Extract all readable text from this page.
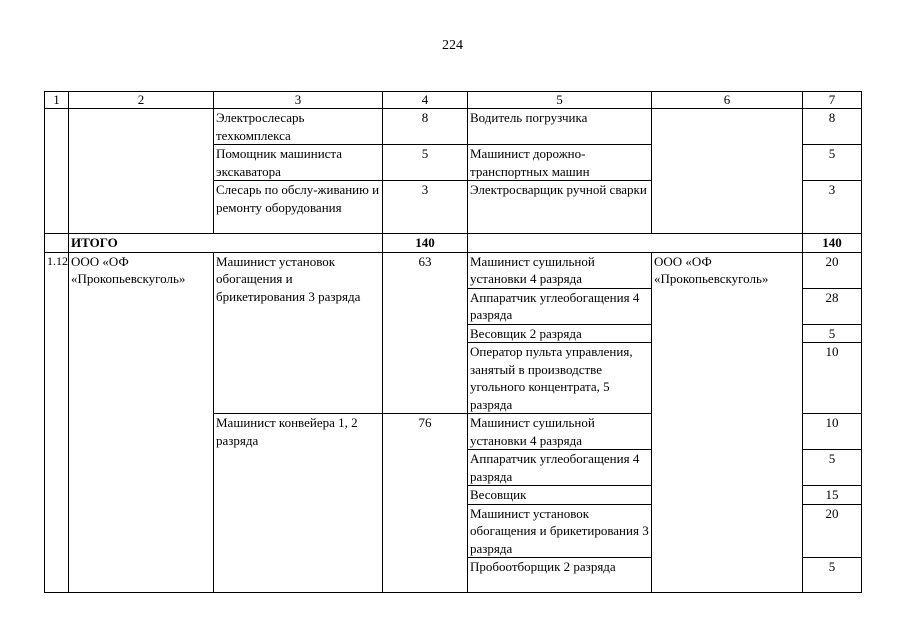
224
1	2	3	4	5	6	7
		Электрослесарь техкомплекса	8	Водитель погрузчика		8
		Помощник машиниста экскаватора	5	Машинист дорожно-транспортных машин		5
		Слесарь по обслу-живанию и ремонту оборудования	3	Электросварщик ручной сварки		3
	ИТОГО		140			140
1.12	ООО «ОФ «Прокопьевскуголь»	Машинист установок обогащения и брикетирования 3 разряда	63	Машинист сушильной установки 4 разряда	ООО «ОФ «Прокопьевскуголь»	20
				Аппаратчик углеобогащения 4 разряда		28
				Весовщик 2 разряда		5
				Оператор пульта управления, занятый в производстве угольного концентрата, 5 разряда		10
		Машинист конвейера 1, 2 разряда	76	Машинист сушильной установки 4 разряда		10
				Аппаратчик углеобогащения 4 разряда		5
				Весовщик		15
				Машинист установок обогащения и брикетирования 3 разряда		20
				Пробоотборщик 2 разряда		5
